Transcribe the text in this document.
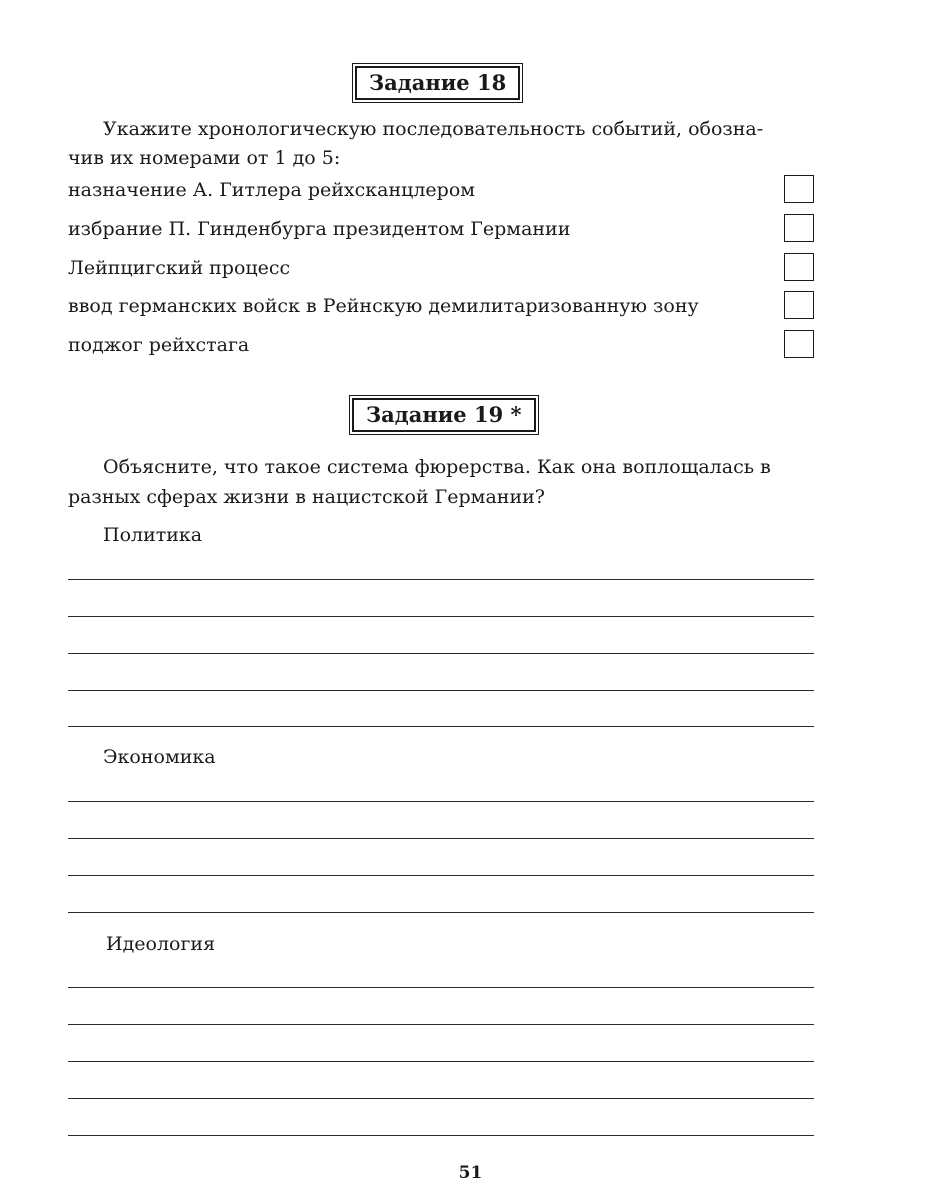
Задание 18
Укажите хронологическую последовательность событий, обозна-
чив их номерами от 1 до 5:
назначение А. Гитлера рейхсканцлером
избрание П. Гинденбурга президентом Германии
Лейпцигский процесс
ввод германских войск в Рейнскую демилитаризованную зону
поджог рейхстага
Задание 19 *
Объясните, что такое система фюрерства. Как она воплощалась в
разных сферах жизни в нацистской Германии?
Политика
Экономика
Идеология
51
